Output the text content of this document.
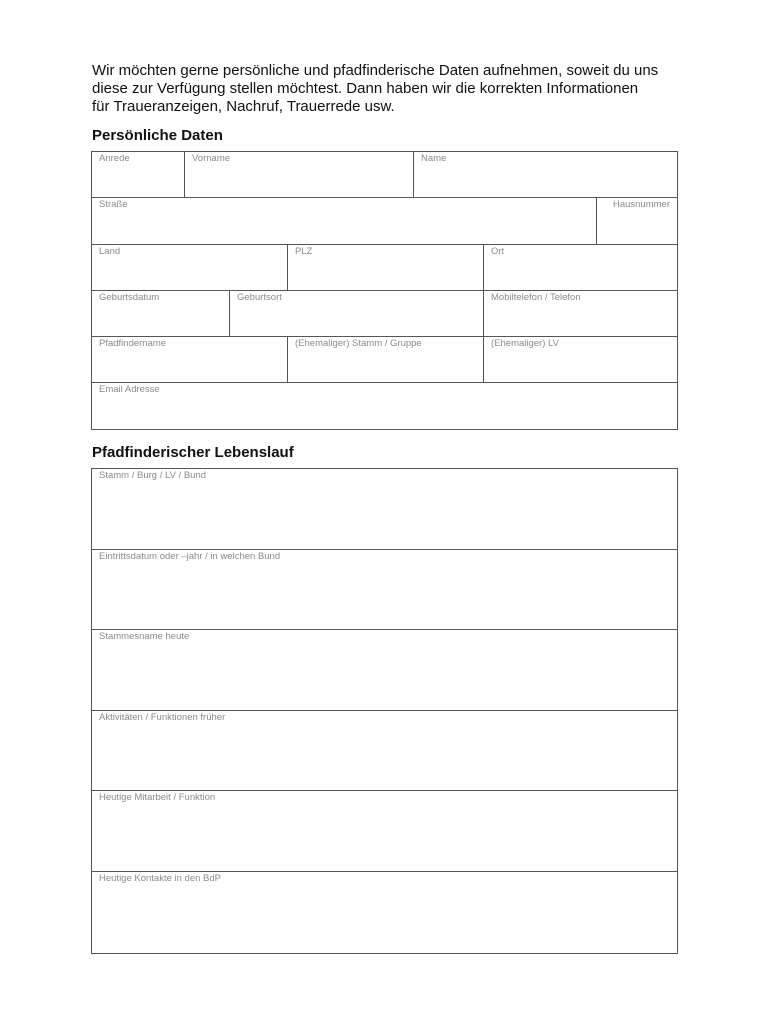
Wir möchten gerne persönliche und pfadfinderische Daten aufnehmen, soweit du uns
diese zur Verfügung stellen möchtest. Dann haben wir die korrekten Informationen
für Traueranzeigen, Nachruf, Trauerrede usw.

Persönliche Daten
Anrede	Vorname	Name
Straße	Hausnummer
Land	PLZ	Ort
Geburtsdatum	Geburtsort	Mobiltelefon / Telefon
Pfadfindername	(Ehemaliger) Stamm / Gruppe	(Ehemaliger) LV
Email Adresse
Pfadfinderischer Lebenslauf
Stamm / Burg / LV / Bund
Eintrittsdatum oder –jahr / in welchen Bund
Stammesname heute
Aktivitäten / Funktionen früher
Heutige Mitarbeit / Funktion
Heutige Kontakte in den BdP
